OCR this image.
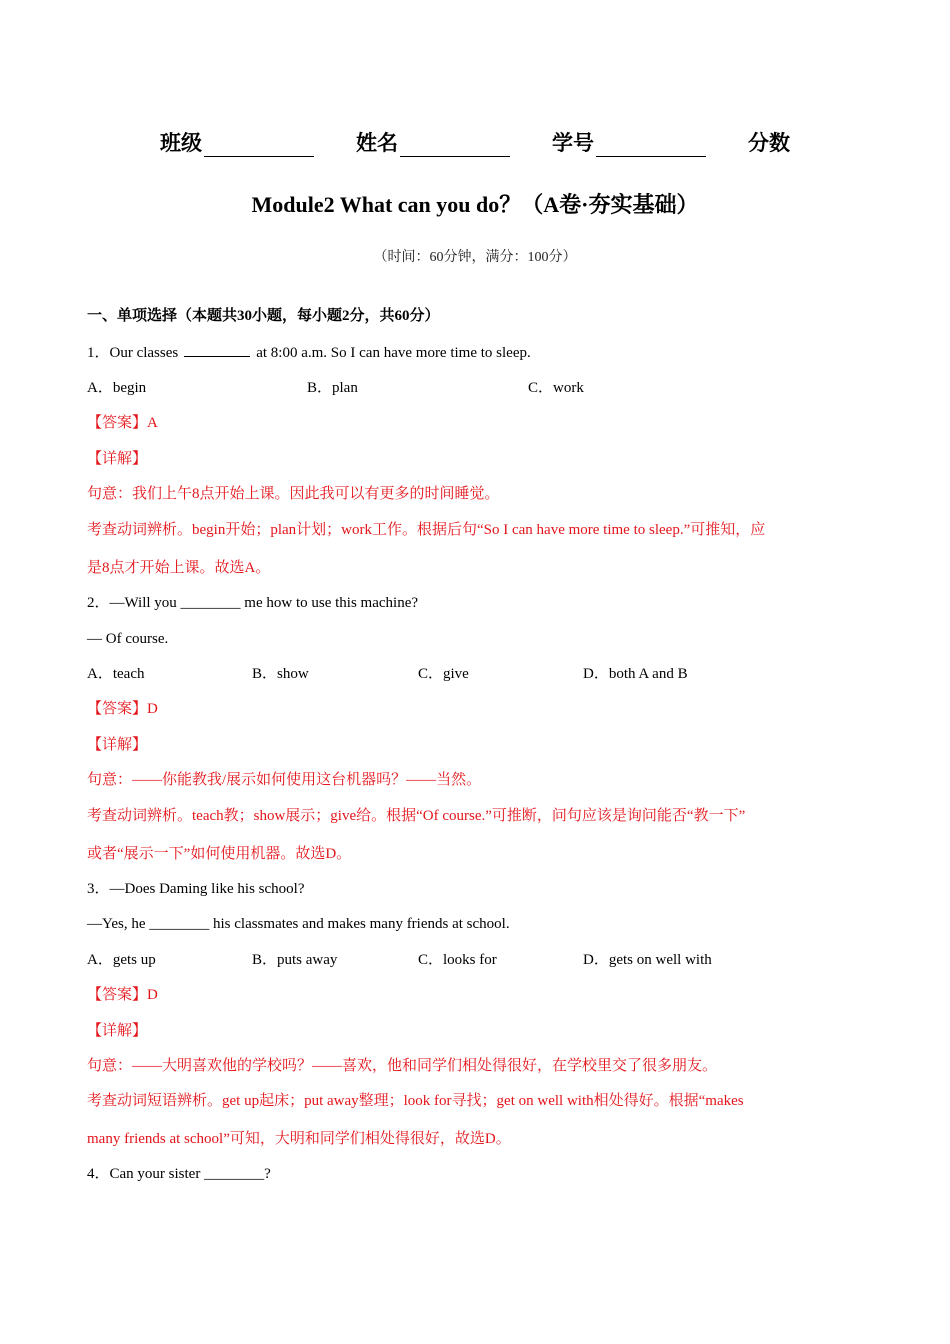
班级	姓名	学号	分数
Module2 What can you do？（A卷·夯实基础）
（时间：60分钟，满分：100分）
一、单项选择（本题共30小题，每小题2分，共60分）
1．Our classes	at 8:00 a.m. So I can have more time to sleep.
A．begin	B．plan	C．work
【答案】A
【详解】
句意：我们上午8点开始上课。因此我可以有更多的时间睡觉。
考查动词辨析。begin开始；plan计划；work工作。根据后句“So I can have more time to sleep.”可推知，应
是8点才开始上课。故选A。
2．—Will you ________ me how to use this machine?
— Of course.
A．teach	B．show	C．give	D．both A and B
【答案】D
【详解】
句意：——你能教我/展示如何使用这台机器吗？——当然。
考查动词辨析。teach教；show展示；give给。根据“Of course.”可推断，问句应该是询问能否“教一下”
或者“展示一下”如何使用机器。故选D。
3．—Does Daming like his school?
—Yes, he ________ his classmates and makes many friends at school.
A．gets up	B．puts away	C．looks for	D．gets on well with
【答案】D
【详解】
句意：——大明喜欢他的学校吗？——喜欢，他和同学们相处得很好，在学校里交了很多朋友。
考查动词短语辨析。get up起床；put away整理；look for寻找；get on well with相处得好。根据“makes
many friends at school”可知，大明和同学们相处得很好，故选D。
4．Can your sister ________?
